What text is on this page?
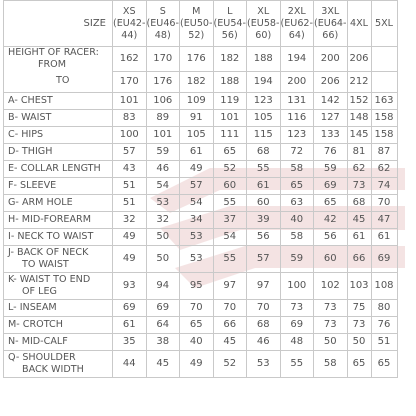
SIZE	XS
(EU42-
44)	S
(EU46-
48)	M
(EU50-
52)	L
(EU54-
56)	XL
(EU58-
60)	2XL
(EU62-
64)	3XL
(EU64-
66)	4XL	5XL

HEIGHT OF RACER:
FROM	162	170	176	182	188	194	200	206	
TO	170	176	182	188	194	200	206	212	
A- CHEST	101	106	109	119	123	131	142	152	163
B- WAIST	83	89	91	101	105	116	127	148	158
C- HIPS	100	101	105	111	115	123	133	145	158
D- THIGH	57	59	61	65	68	72	76	81	87
E- COLLAR LENGTH	43	46	49	52	55	58	59	62	62
F- SLEEVE	51	54	57	60	61	65	69	73	74
G- ARM HOLE	51	53	54	55	60	63	65	68	70
H- MID-FOREARM	32	32	34	37	39	40	42	45	47
I- NECK TO WAIST	49	50	53	54	56	58	56	61	61

J- BACK OF NECK
TO WAIST	49	50	53	55	57	59	60	66	69

K- WAIST TO END
OF LEG	93	94	95	97	97	100	102	103	108
L- INSEAM	69	69	70	70	70	73	73	75	80
M- CROTCH	61	64	65	66	68	69	73	73	76
N- MID-CALF	35	38	40	45	46	48	50	50	51

Q- SHOULDER
BACK WIDTH	44	45	49	52	53	55	58	65	65
